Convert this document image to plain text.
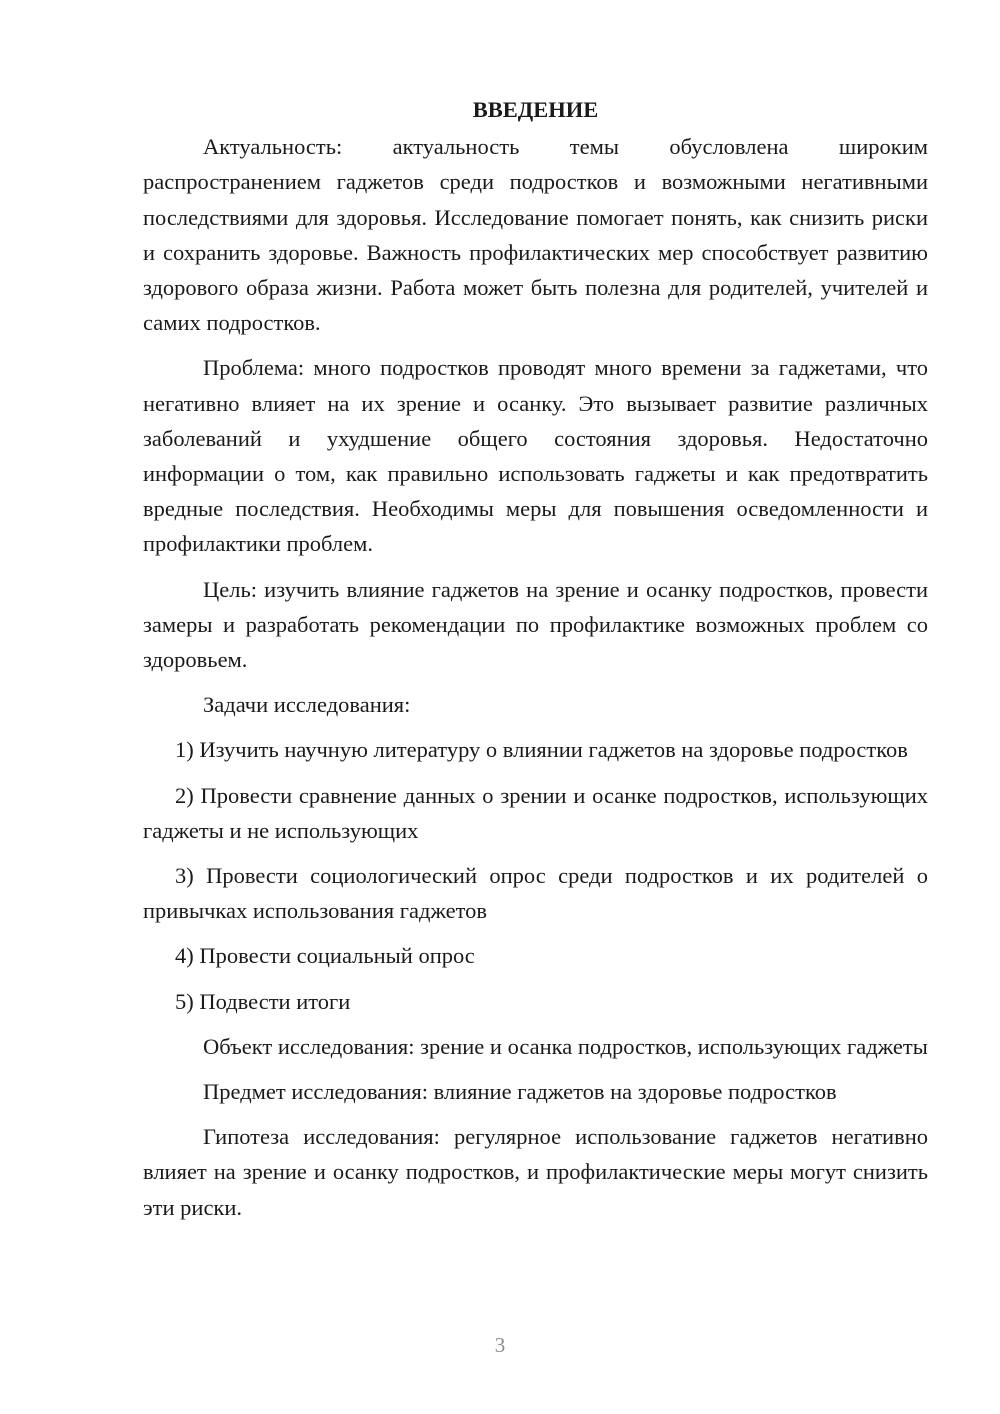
ВВЕДЕНИЕ

Актуальность: актуальность темы обусловлена широким распространением гаджетов среди подростков и возможными негативными последствиями для здоровья. Исследование помогает понять, как снизить риски и сохранить здоровье. Важность профилактических мер способствует развитию здорового образа жизни. Работа может быть полезна для родителей, учителей и самих подростков.

Проблема: много подростков проводят много времени за гаджетами, что негативно влияет на их зрение и осанку. Это вызывает развитие различных заболеваний и ухудшение общего состояния здоровья. Недостаточно информации о том, как правильно использовать гаджеты и как предотвратить вредные последствия. Необходимы меры для повышения осведомленности и профилактики проблем.

Цель: изучить влияние гаджетов на зрение и осанку подростков, провести замеры и разработать рекомендации по профилактике возможных проблем со здоровьем.

Задачи исследования:

1) Изучить научную литературу о влиянии гаджетов на здоровье подростков

2) Провести сравнение данных о зрении и осанке подростков, использующих гаджеты и не использующих

3) Провести социологический опрос среди подростков и их родителей о привычках использования гаджетов

4) Провести социальный опрос

5) Подвести итоги

Объект исследования: зрение и осанка подростков, использующих гаджеты

Предмет исследования: влияние гаджетов на здоровье подростков

Гипотеза исследования: регулярное использование гаджетов негативно влияет на зрение и осанку подростков, и профилактические меры могут снизить эти риски.

3
